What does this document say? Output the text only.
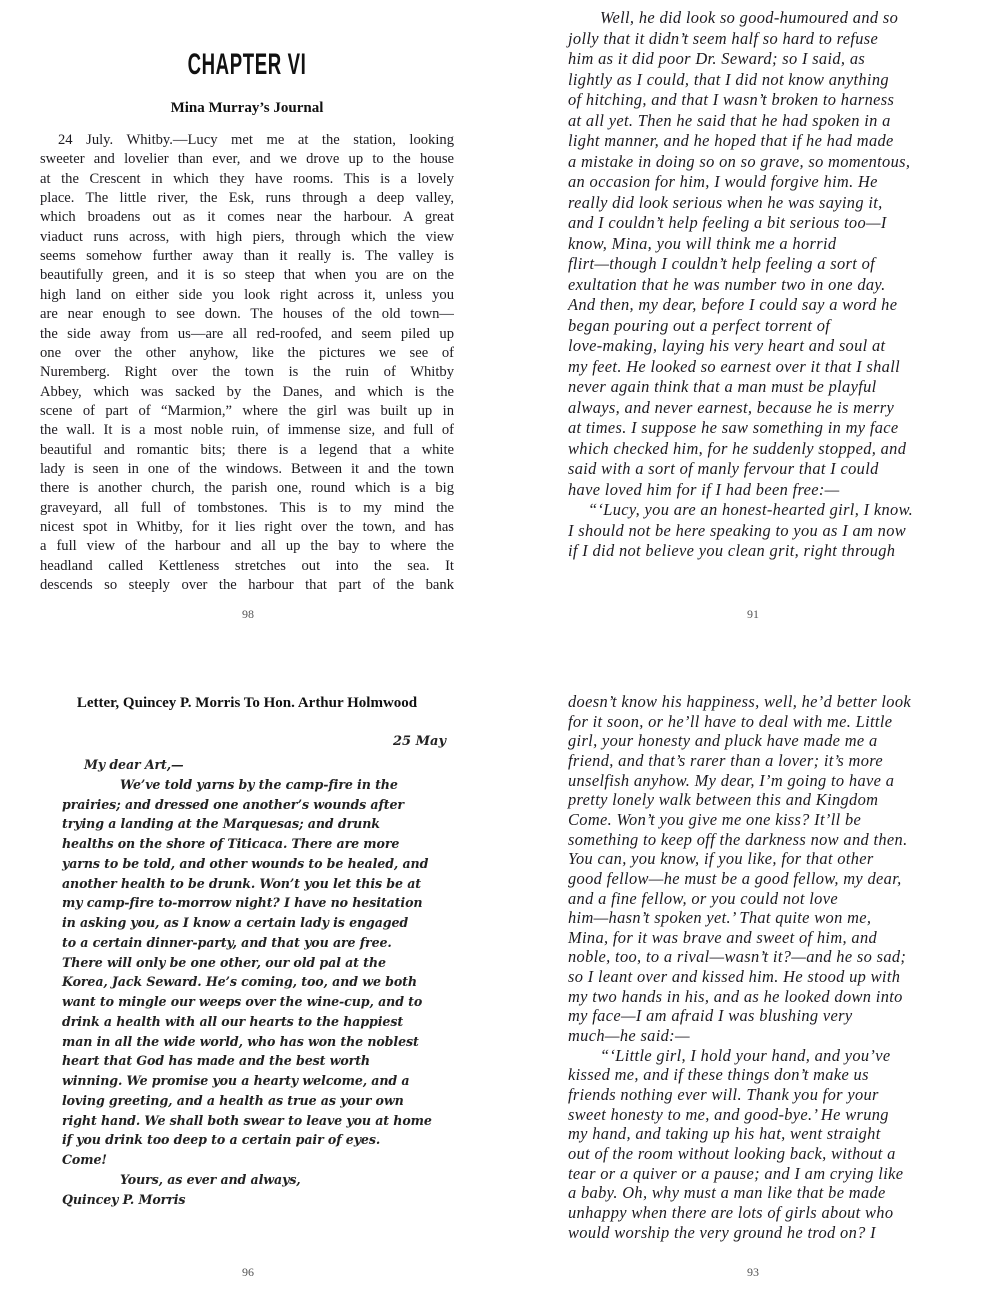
CHAPTER VI
Mina Murray’s Journal
24 July. Whitby.—Lucy met me at the station, looking
sweeter and lovelier than ever, and we drove up to the house
at the Crescent in which they have rooms. This is a lovely
place. The little river, the Esk, runs through a deep valley,
which broadens out as it comes near the harbour. A great
viaduct runs across, with high piers, through which the view
seems somehow further away than it really is. The valley is
beautifully green, and it is so steep that when you are on the
high land on either side you look right across it, unless you
are near enough to see down. The houses of the old town—
the side away from us—are all red-roofed, and seem piled up
one over the other anyhow, like the pictures we see of
Nuremberg. Right over the town is the ruin of Whitby
Abbey, which was sacked by the Danes, and which is the
scene of part of “Marmion,” where the girl was built up in
the wall. It is a most noble ruin, of immense size, and full of
beautiful and romantic bits; there is a legend that a white
lady is seen in one of the windows. Between it and the town
there is another church, the parish one, round which is a big
graveyard, all full of tombstones. This is to my mind the
nicest spot in Whitby, for it lies right over the town, and has
a full view of the harbour and all up the bay to where the
headland called Kettleness stretches out into the sea. It
descends so steeply over the harbour that part of the bank
98
Well, he did look so good-humoured and so
jolly that it didn’t seem half so hard to refuse
him as it did poor Dr. Seward; so I said, as
lightly as I could, that I did not know anything
of hitching, and that I wasn’t broken to harness
at all yet. Then he said that he had spoken in a
light manner, and he hoped that if he had made
a mistake in doing so on so grave, so momentous,
an occasion for him, I would forgive him. He
really did look serious when he was saying it,
and I couldn’t help feeling a bit serious too—I
know, Mina, you will think me a horrid
flirt—though I couldn’t help feeling a sort of
exultation that he was number two in one day.
And then, my dear, before I could say a word he
began pouring out a perfect torrent of
love-making, laying his very heart and soul at
my feet. He looked so earnest over it that I shall
never again think that a man must be playful
always, and never earnest, because he is merry
at times. I suppose he saw something in my face
which checked him, for he suddenly stopped, and
said with a sort of manly fervour that I could
have loved him for if I had been free:—
“‘Lucy, you are an honest-hearted girl, I know.
I should not be here speaking to you as I am now
if I did not believe you clean grit, right through
91
Letter, Quincey P. Morris To Hon. Arthur Holmwood
25 May
My dear Art,—
We’ve told yarns by the camp-fire in the
prairies; and dressed one another’s wounds after
trying a landing at the Marquesas; and drunk
healths on the shore of Titicaca. There are more
yarns to be told, and other wounds to be healed, and
another health to be drunk. Won’t you let this be at
my camp-fire to-morrow night? I have no hesitation
in asking you, as I know a certain lady is engaged
to a certain dinner-party, and that you are free.
There will only be one other, our old pal at the
Korea, Jack Seward. He’s coming, too, and we both
want to mingle our weeps over the wine-cup, and to
drink a health with all our hearts to the happiest
man in all the wide world, who has won the noblest
heart that God has made and the best worth
winning. We promise you a hearty welcome, and a
loving greeting, and a health as true as your own
right hand. We shall both swear to leave you at home
if you drink too deep to a certain pair of eyes.
Come!
Yours, as ever and always,
Quincey P. Morris
96
doesn’t know his happiness, well, he’d better look
for it soon, or he’ll have to deal with me. Little
girl, your honesty and pluck have made me a
friend, and that’s rarer than a lover; it’s more
unselfish anyhow. My dear, I’m going to have a
pretty lonely walk between this and Kingdom
Come. Won’t you give me one kiss? It’ll be
something to keep off the darkness now and then.
You can, you know, if you like, for that other
good fellow—he must be a good fellow, my dear,
and a fine fellow, or you could not love
him—hasn’t spoken yet.’ That quite won me,
Mina, for it was brave and sweet of him, and
noble, too, to a rival—wasn’t it?—and he so sad;
so I leant over and kissed him. He stood up with
my two hands in his, and as he looked down into
my face—I am afraid I was blushing very
much—he said:—
“‘Little girl, I hold your hand, and you’ve
kissed me, and if these things don’t make us
friends nothing ever will. Thank you for your
sweet honesty to me, and good-bye.’ He wrung
my hand, and taking up his hat, went straight
out of the room without looking back, without a
tear or a quiver or a pause; and I am crying like
a baby. Oh, why must a man like that be made
unhappy when there are lots of girls about who
would worship the very ground he trod on? I
93
